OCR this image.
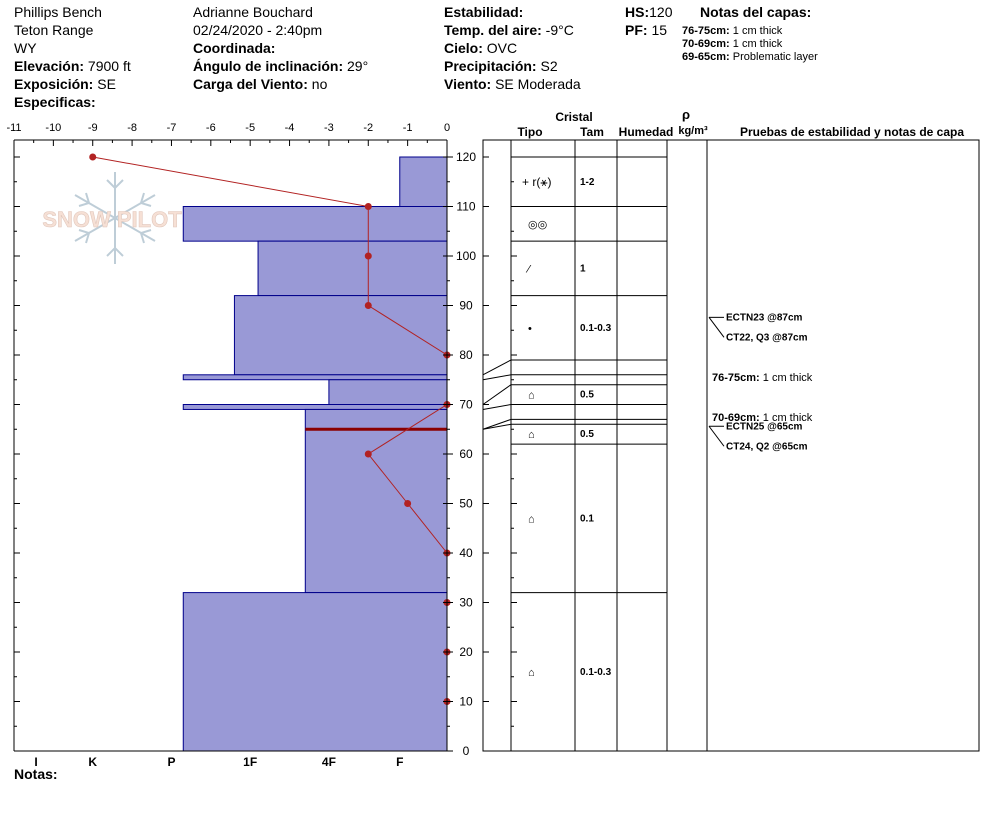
Phillips Bench
Teton Range
WY
Elevación: 7900 ft
Exposición: SE
Especificas:
Adrianne Bouchard
02/24/2020 - 2:40pm
Coordinada:
Ángulo de inclinación: 29°
Carga del Viento: no
Estabilidad:
Temp. del aire: -9°C
Cielo: OVC
Precipitación: S2
Viento: SE Moderada
HS:120
PF: 15
Notas del capas:
76-75cm: 1 cm thick
70-69cm: 1 cm thick
69-65cm: Problematic layer
Notas:
SNOW PILOT
-11 -10 -9	-8	-7	-6	-5	-4	-3	-2	-1	0
0
10
20
30
40
50
60
70
80
90
100
110
120
I	K	P	1F	4F	F
Cristal
Tipo	Tam Humedad
ρ
kg/m³	Pruebas de estabilidad y notas de capa
+ r(⚹)	1-2
◎◎
⁄	1
•	0.1-0.3
⌂	0.5
⌂	0.5
⌂	0.1
⌂	0.1-0.3
ECTN23 @87cm
CT22, Q3 @87cm
ECTN25 @65cm
CT24, Q2 @65cm
76-75cm: 1 cm thick
70-69cm: 1 cm thick
